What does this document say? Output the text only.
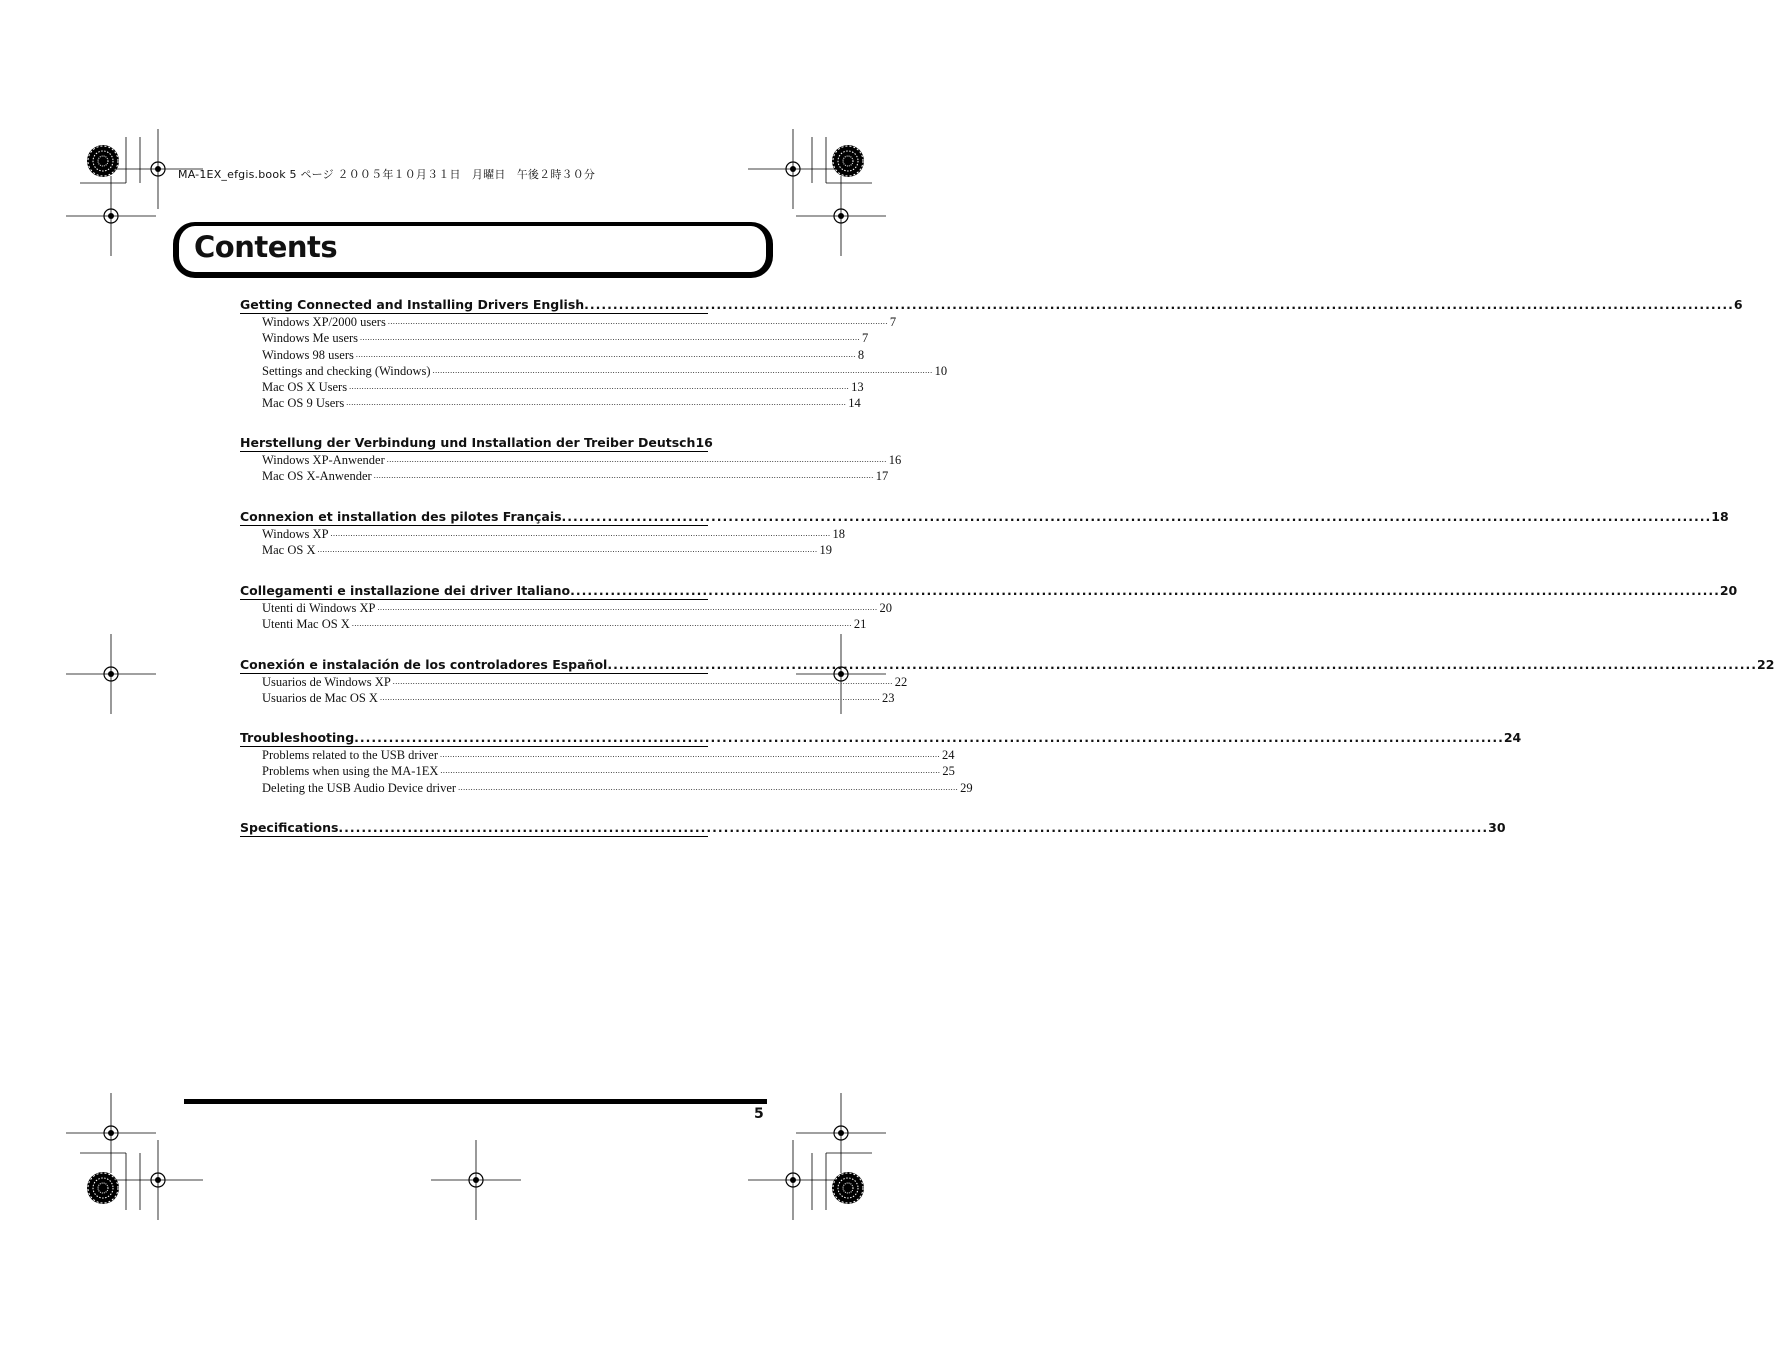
MA-1EX_efgis.book 5 ページ ２００５年１０月３１日　月曜日　午後２時３０分
Contents
Getting Connected and Installing Drivers English ........................................................................................................................................................................................................ 6
Windows XP/2000 users ........................................................................................................................................................................................................ 7
Windows Me users ........................................................................................................................................................................................................ 7
Windows 98 users ........................................................................................................................................................................................................ 8
Settings and checking (Windows) ........................................................................................................................................................................................................ 10
Mac OS X Users ........................................................................................................................................................................................................ 13
Mac OS 9 Users ........................................................................................................................................................................................................ 14
Herstellung der Verbindung und Installation der Treiber Deutsch 16
Windows XP-Anwender ........................................................................................................................................................................................................ 16
Mac OS X-Anwender ........................................................................................................................................................................................................ 17
Connexion et installation des pilotes Français ........................................................................................................................................................................................................ 18
Windows XP ........................................................................................................................................................................................................ 18
Mac OS X ........................................................................................................................................................................................................ 19
Collegamenti e installazione dei driver Italiano ........................................................................................................................................................................................................ 20
Utenti di Windows XP ........................................................................................................................................................................................................ 20
Utenti Mac OS X ........................................................................................................................................................................................................ 21
Conexión e instalación de los controladores Español ........................................................................................................................................................................................................ 22
Usuarios de Windows XP ........................................................................................................................................................................................................ 22
Usuarios de Mac OS X ........................................................................................................................................................................................................ 23
Troubleshooting ........................................................................................................................................................................................................ 24
Problems related to the USB driver ........................................................................................................................................................................................................ 24
Problems when using the MA-1EX ........................................................................................................................................................................................................ 25
Deleting the USB Audio Device driver ........................................................................................................................................................................................................ 29
Specifications ........................................................................................................................................................................................................ 30
5
